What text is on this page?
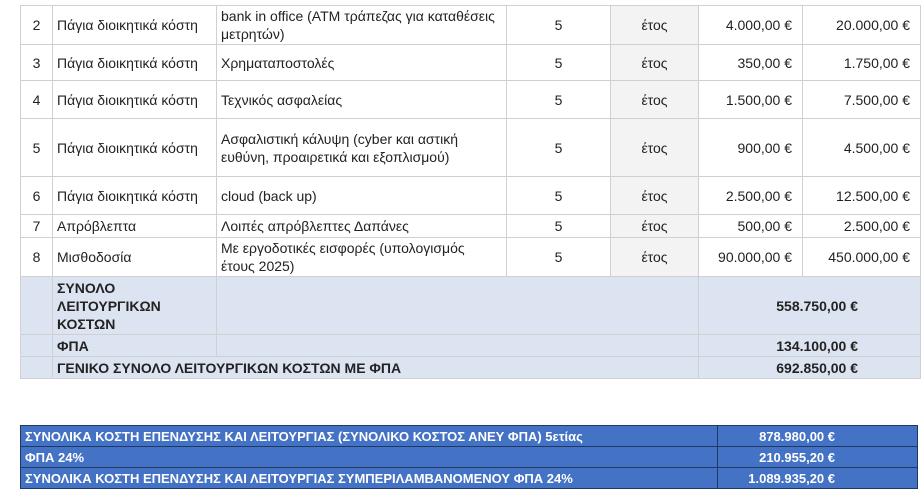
2	Πάγια διοικητικά κόστη	bank in office (ATM τράπεζας για καταθέσεις μετρητών)	5	έτος	4.000,00 €	20.000,00 €
3	Πάγια διοικητικά κόστη	Χρηματαποστολές	5	έτος	350,00 €	1.750,00 €
4	Πάγια διοικητικά κόστη	Τεχνικός ασφαλείας	5	έτος	1.500,00 €	7.500,00 €
5	Πάγια διοικητικά κόστη	Ασφαλιστική κάλυψη (cyber και αστική ευθύνη, προαιρετικά και εξοπλισμού)	5	έτος	900,00 €	4.500,00 €
6	Πάγια διοικητικά κόστη	cloud (back up)	5	έτος	2.500,00 €	12.500,00 €
7	Απρόβλεπτα	Λοιπές απρόβλεπτες Δαπάνες	5	έτος	500,00 €	2.500,00 €
8	Μισθοδοσία	Με εργοδοτικές εισφορές (υπολογισμός έτους 2025)	5	έτος	90.000,00 €	450.000,00 €
	ΣΥΝΟΛΟ ΛΕΙΤΟΥΡΓΙΚΩΝ ΚΟΣΤΩΝ				558.750,00 €	
	ΦΠΑ				134.100,00 €	
	ΓΕΝΙΚΟ ΣΥΝΟΛΟ ΛΕΙΤΟΥΡΓΙΚΩΝ ΚΟΣΤΩΝ ΜΕ ΦΠΑ				692.850,00 €	
ΣΥΝΟΛΙΚΑ ΚΟΣΤΗ ΕΠΕΝΔΥΣΗΣ ΚΑΙ ΛΕΙΤΟΥΡΓΙΑΣ (ΣΥΝΟΛΙΚΟ ΚΟΣΤΟΣ ΑΝΕΥ ΦΠΑ) 5ετίας	878.980,00 €
ΦΠΑ 24%	210.955,20 €
ΣΥΝΟΛΙΚΑ ΚΟΣΤΗ ΕΠΕΝΔΥΣΗΣ ΚΑΙ ΛΕΙΤΟΥΡΓΙΑΣ ΣΥΜΠΕΡΙΛΑΜΒΑΝΟΜΕΝΟΥ ΦΠΑ 24%	1.089.935,20 €
